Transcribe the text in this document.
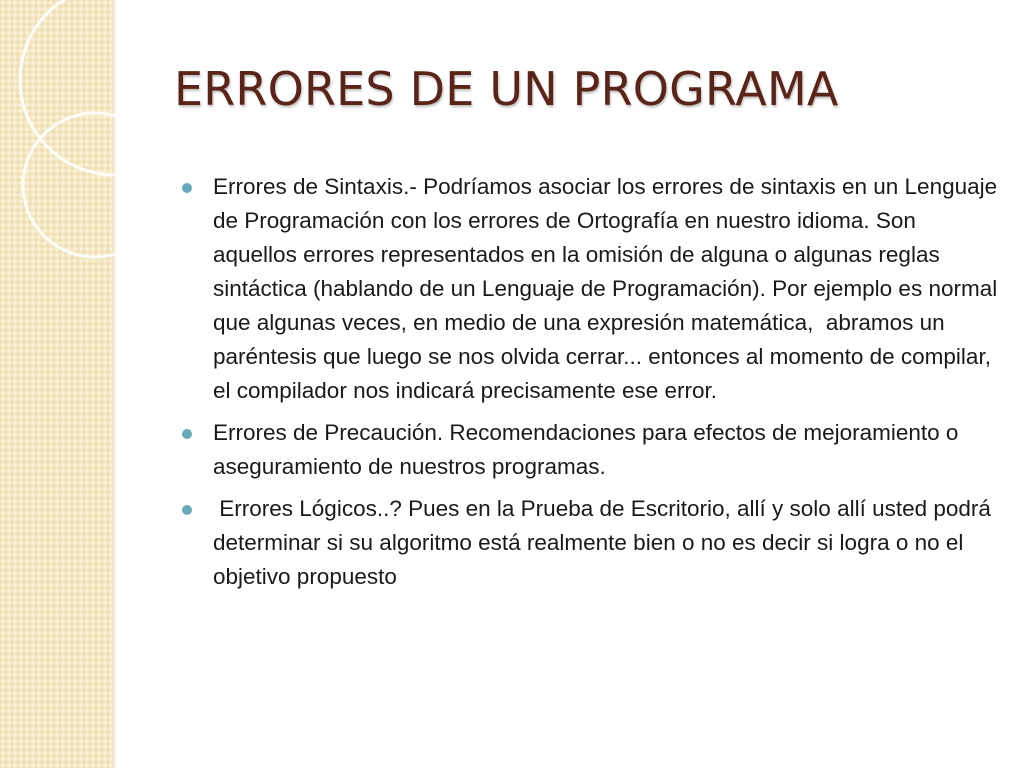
ERRORES DE UN PROGRAMA
Errores de Sintaxis.- Podríamos asociar los errores de sintaxis en un Lenguaje de Programación con los errores de Ortografía en nuestro idioma. Son aquellos errores representados en la omisión de alguna o algunas reglas sintáctica (hablando de un Lenguaje de Programación). Por ejemplo es normal que algunas veces, en medio de una expresión matemática,  abramos un paréntesis que luego se nos olvida cerrar... entonces al momento de compilar, el compilador nos indicará precisamente ese error.
Errores de Precaución. Recomendaciones para efectos de mejoramiento o aseguramiento de nuestros programas.
Errores Lógicos..? Pues en la Prueba de Escritorio, allí y solo allí usted podrá determinar si su algoritmo está realmente bien o no es decir si logra o no el objetivo propuesto
